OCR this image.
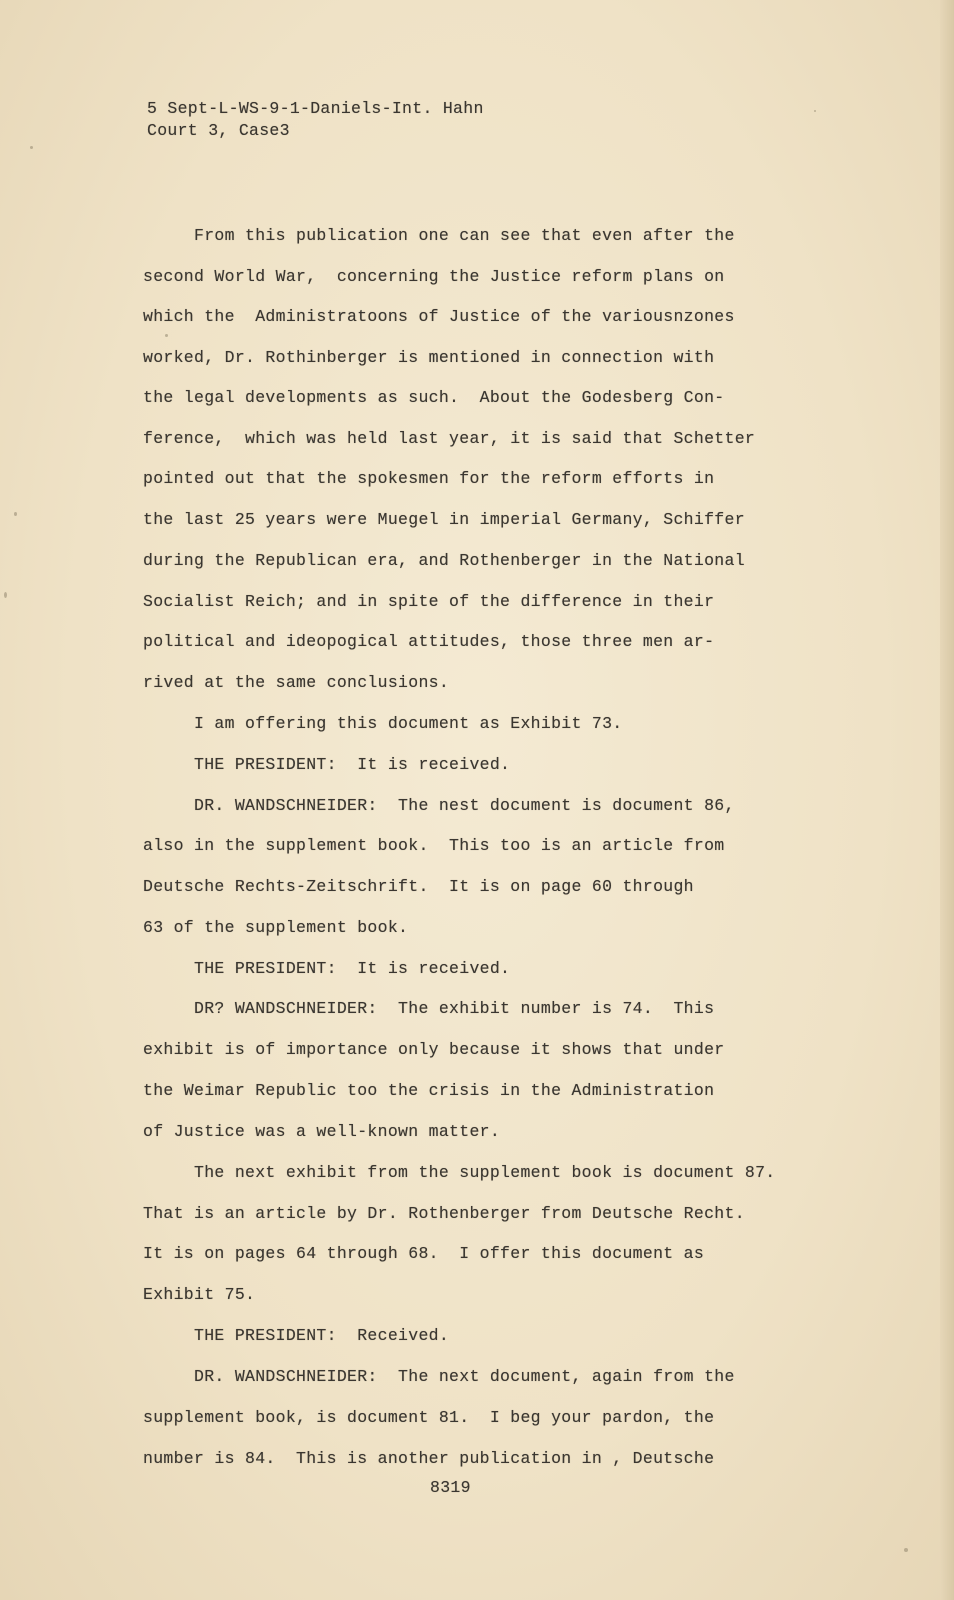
5 Sept-L-WS-9-1-Daniels-Int. Hahn
Court 3, Case3
From this publication one can see that even after the
second World War,  concerning the Justice reform plans on
which the  Administratoons of Justice of the variousnzones
worked, Dr. Rothinberger is mentioned in connection with
the legal developments as such.  About the Godesberg Con-
ference,  which was held last year, it is said that Schetter
pointed out that the spokesmen for the reform efforts in
the last 25 years were Muegel in imperial Germany, Schiffer
during the Republican era, and Rothenberger in the National
Socialist Reich; and in spite of the difference in their
political and ideopogical attitudes, those three men ar-
rived at the same conclusions.
I am offering this document as Exhibit 73.
THE PRESIDENT:  It is received.
DR. WANDSCHNEIDER:  The nest document is document 86,
also in the supplement book.  This too is an article from
Deutsche Rechts-Zeitschrift.  It is on page 60 through
63 of the supplement book.
THE PRESIDENT:  It is received.
DR? WANDSCHNEIDER:  The exhibit number is 74.  This
exhibit is of importance only because it shows that under
the Weimar Republic too the crisis in the Administration
of Justice was a well-known matter.
The next exhibit from the supplement book is document 87.
That is an article by Dr. Rothenberger from Deutsche Recht.
It is on pages 64 through 68.  I offer this document as
Exhibit 75.
THE PRESIDENT:  Received.
DR. WANDSCHNEIDER:  The next document, again from the
supplement book, is document 81.  I beg your pardon, the
number is 84.  This is another publication in , Deutsche
8319
